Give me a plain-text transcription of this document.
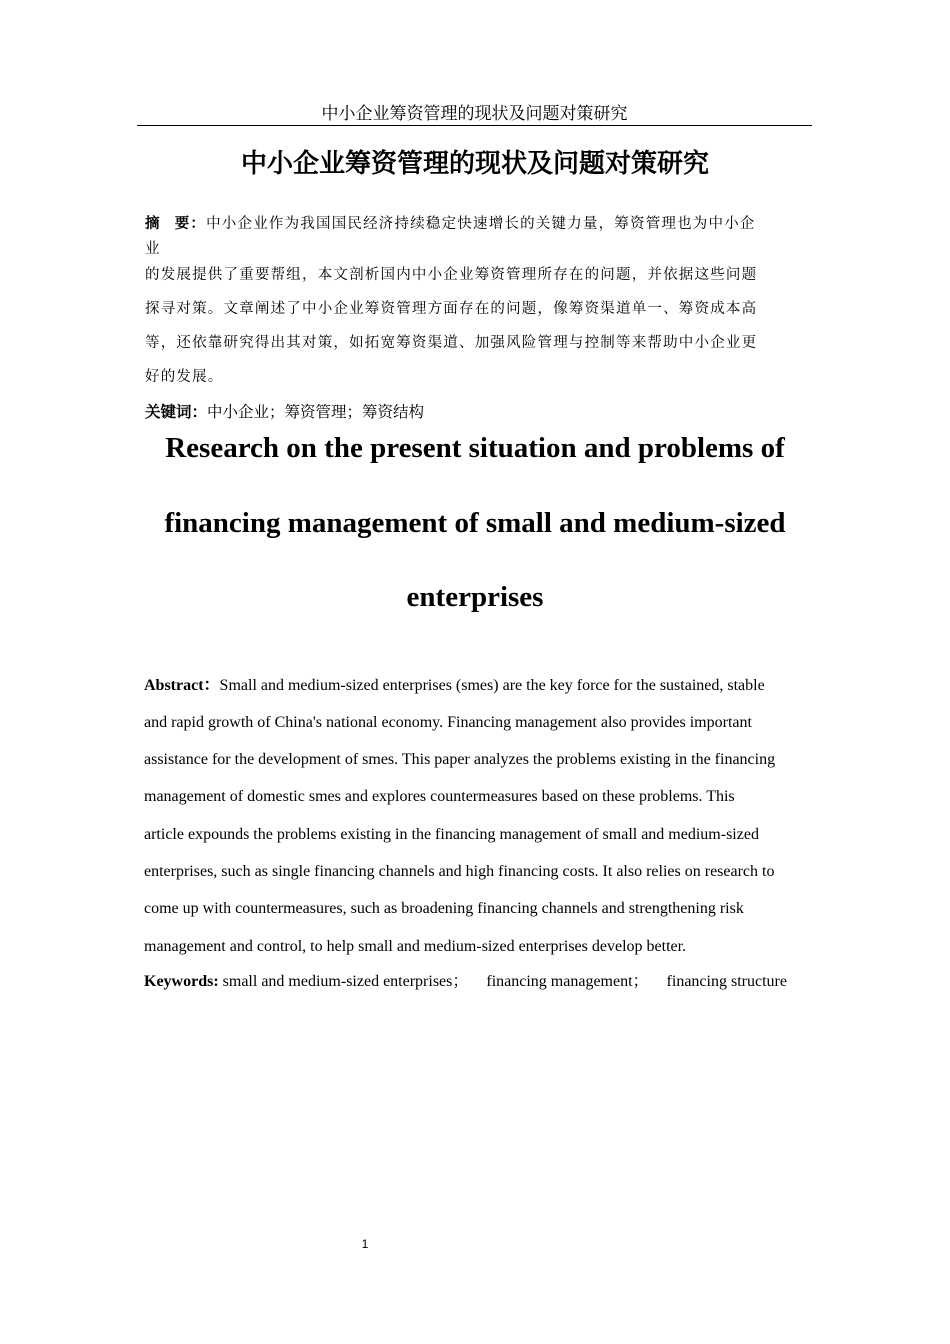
中小企业筹资管理的现状及问题对策研究
中小企业筹资管理的现状及问题对策研究
摘 要：中小企业作为我国国民经济持续稳定快速增长的关键力量，筹资管理也为中小企
业
的发展提供了重要帮组，本文剖析国内中小企业筹资管理所存在的问题，并依据这些问题
探寻对策。文章阐述了中小企业筹资管理方面存在的问题，像筹资渠道单一、筹资成本高
等，还依靠研究得出其对策，如拓宽筹资渠道、加强风险管理与控制等来帮助中小企业更
好的发展。
关键词：中小企业；筹资管理；筹资结构
Research on the present situation and problems of
financing management of small and medium-sized
enterprises
Abstract：Small and medium-sized enterprises (smes) are the key force for the sustained, stable
and rapid growth of China's national economy. Financing management also provides important
assistance for the development of smes. This paper analyzes the problems existing in the financing
management of domestic smes and explores countermeasures based on these problems. This
article expounds the problems existing in the financing management of small and medium-sized
enterprises, such as single financing channels and high financing costs. It also relies on research to
come up with countermeasures, such as broadening financing channels and strengthening risk
management and control, to help small and medium-sized enterprises develop better.
Keywords: small and medium-sized enterprises； financing management； financing structure
1
